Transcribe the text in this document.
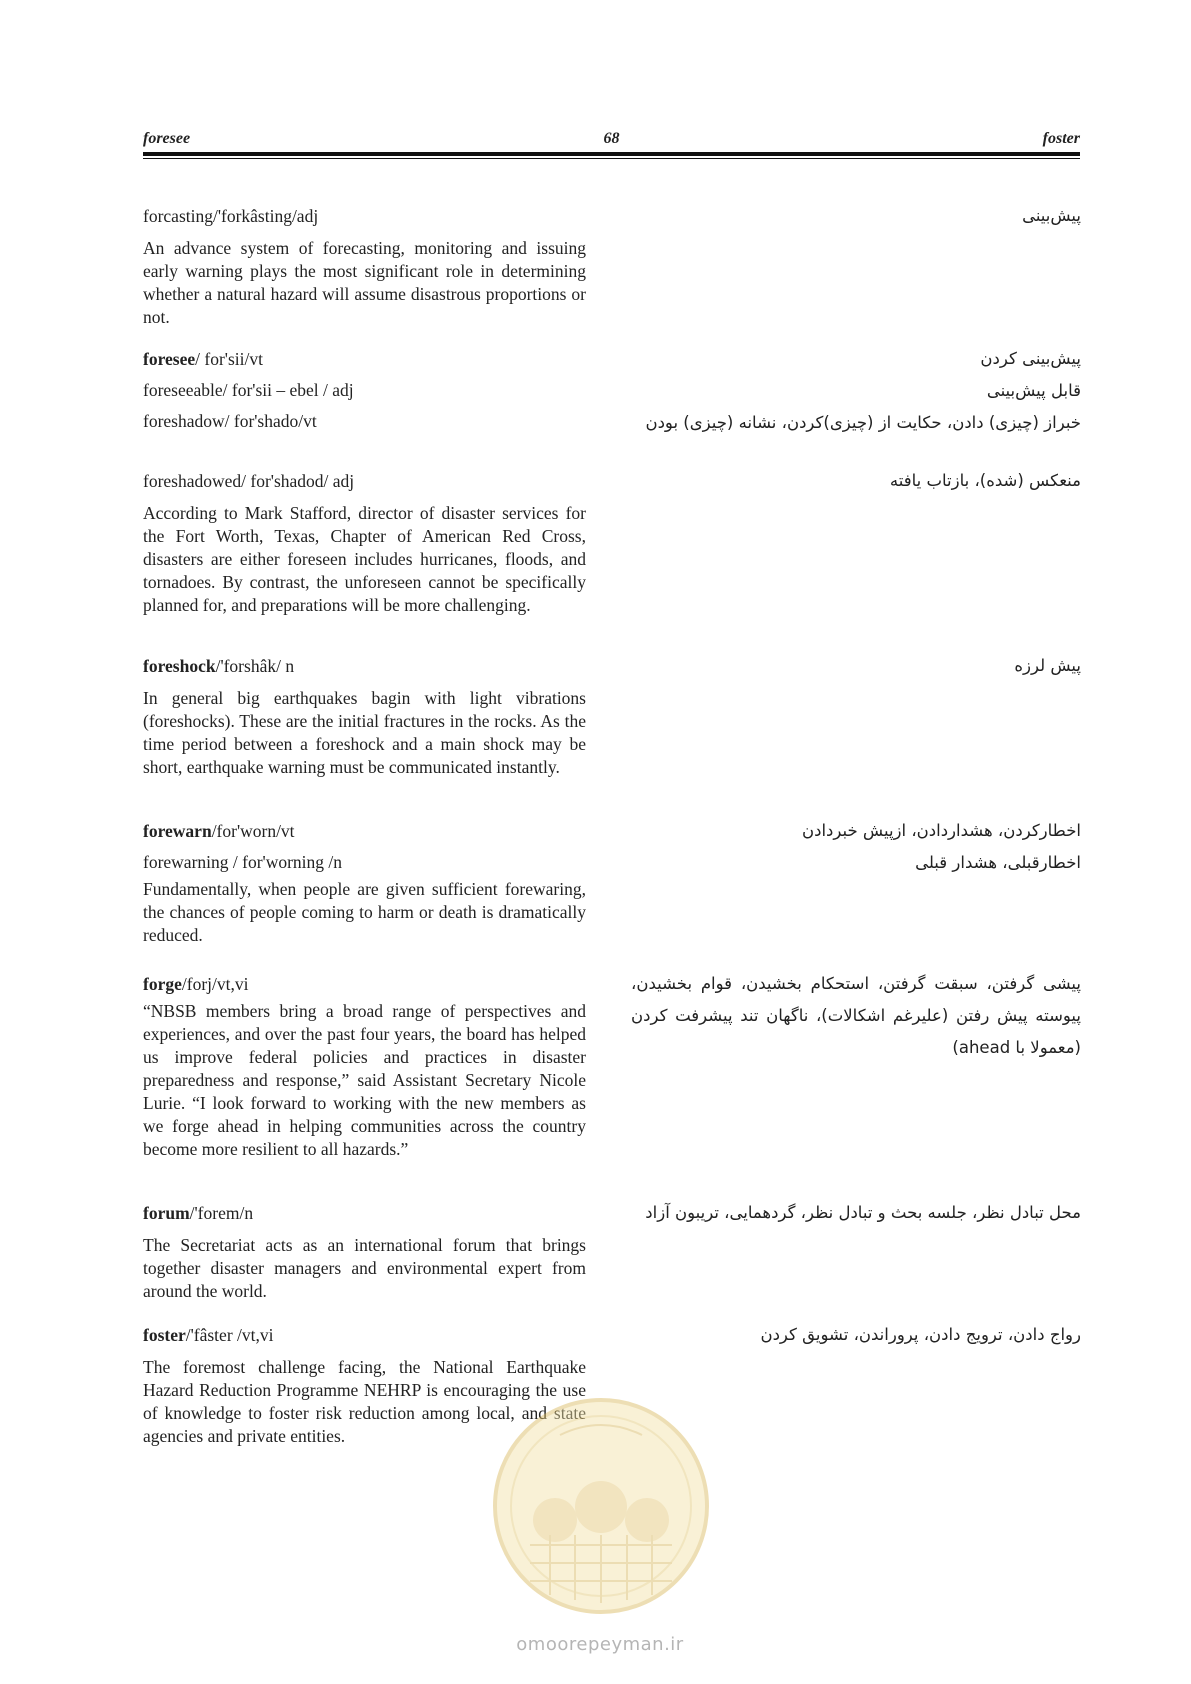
foresee	68	foster
forcasting/'forkâsting/adj
An advance system of forecasting, monitoring and issuing early warning plays the most significant role in determining whether a natural hazard will assume disastrous proportions or not.
پیش‌بینی
foresee/ for'sii/vt
foreseeable/ for'sii – ebel / adj
foreshadow/ for'shado/vt
پیش‌بینی کردن
قابل پیش‌بینی
خبراز (چیزی) دادن، حکایت از (چیزی)کردن، نشانه (چیزی) بودن
foreshadowed/ for'shadod/ adj
According to Mark Stafford, director of disaster services for the Fort Worth, Texas, Chapter of American Red Cross, disasters are either foreseen includes hurricanes, floods, and tornadoes. By contrast, the unforeseen cannot be specifically planned for, and preparations will be more challenging.
منعکس (شده)، بازتاب یافته
foreshock/'forshâk/ n
In general big earthquakes bagin with light vibrations (foreshocks). These are the initial fractures in the rocks. As the time period between a foreshock and a main shock may be short, earthquake warning must be communicated instantly.
پیش لرزه
forewarn/for'worn/vt
forewarning / for'worning /n
Fundamentally, when people are given sufficient forewaring, the chances of people coming to harm or death is dramatically reduced.
اخطارکردن، هشداردادن، ازپیش خبردادن
اخطارقبلی، هشدار قبلی
forge/forj/vt,vi
“NBSB members bring a broad range of perspectives and experiences, and over the past four years, the board has helped us improve federal policies and practices in disaster preparedness and response,” said Assistant Secretary Nicole Lurie. “I look forward to working with the new members as we forge ahead in helping communities across the country become more resilient to all hazards.”
پیشی گرفتن، سبقت گرفتن، استحکام بخشیدن، قوام بخشیدن، پیوسته پیش رفتن (علیرغم اشکالات)، ناگهان تند پیشرفت کردن (معمولا با ahead)
forum/'forem/n
The Secretariat acts as an international forum that brings together disaster managers and environmental expert from around the world.
محل تبادل نظر، جلسه بحث و تبادل نظر، گردهمایی، تریبون آزاد
foster/'fâster /vt,vi
The foremost challenge facing, the National Earthquake Hazard Reduction Programme NEHRP is encouraging the use of knowledge to foster risk reduction among local, and state agencies and private entities.
رواج دادن، ترویج دادن، پروراندن، تشویق کردن
omoorepeyman.ir
